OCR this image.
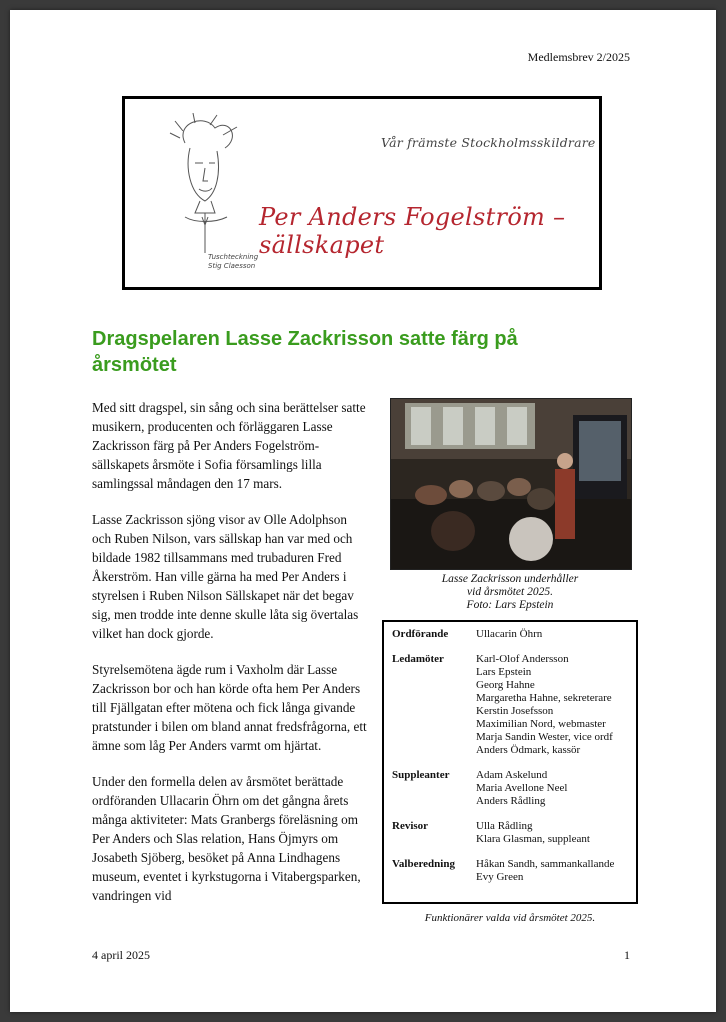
Medlemsbrev 2/2025
Vår främste Stockholmsskildrare
Per Anders Fogelström – sällskapet
Tuschteckning
Stig Claesson
Dragspelaren Lasse Zackrisson satte färg på årsmötet

Med sitt dragspel, sin sång och sina berättelser satte musikern, producenten och förläggaren Lasse Zackrisson färg på Per Anders Fogelström-sällskapets årsmöte i Sofia församlings lilla samlingssal måndagen den 17 mars.

Lasse Zackrisson sjöng visor av Olle Adolphson och Ruben Nilson, vars sällskap han var med och bildade 1982 tillsammans med trubaduren Fred Åkerström. Han ville gärna ha med Per Anders i styrelsen i Ruben Nilson Sällskapet när det begav sig, men trodde inte denne skulle låta sig övertalas vilket han dock gjorde.

Styrelsemötena ägde rum i Vaxholm där Lasse Zackrisson bor och han körde ofta hem Per Anders till Fjällgatan efter mötena och fick långa givande pratstunder i bilen om bland annat fredsfrågorna, ett ämne som låg Per Anders varmt om hjärtat.

Under den formella delen av årsmötet berättade ordföranden Ullacarin Öhrn om det gångna årets många aktiviteter: Mats Granbergs föreläsning om Per Anders och Slas relation, Hans Öjmyrs om Josabeth Sjöberg, besöket på Anna Lindhagens museum, eventet i kyrkstugorna i Vitabergsparken, vandringen vid

Lasse Zackrisson underhåller
vid årsmötet 2025.
Foto: Lars Epstein
Ordförande	Ullacarin Öhrn
Ledamöter	Karl-Olof Andersson
Lars Epstein
Georg Hahne
Margaretha Hahne, sekreterare
Kerstin Josefsson
Maximilian Nord, webmaster
Marja Sandin Wester, vice ordf
Anders Ödmark, kassör
Suppleanter	Adam Askelund
Maria Avellone Neel
Anders Rådling
Revisor	Ulla Rådling
Klara Glasman, suppleant
Valberedning	Håkan Sandh, sammankallande
Evy Green
Funktionärer valda vid årsmötet 2025.
4 april 2025	1
